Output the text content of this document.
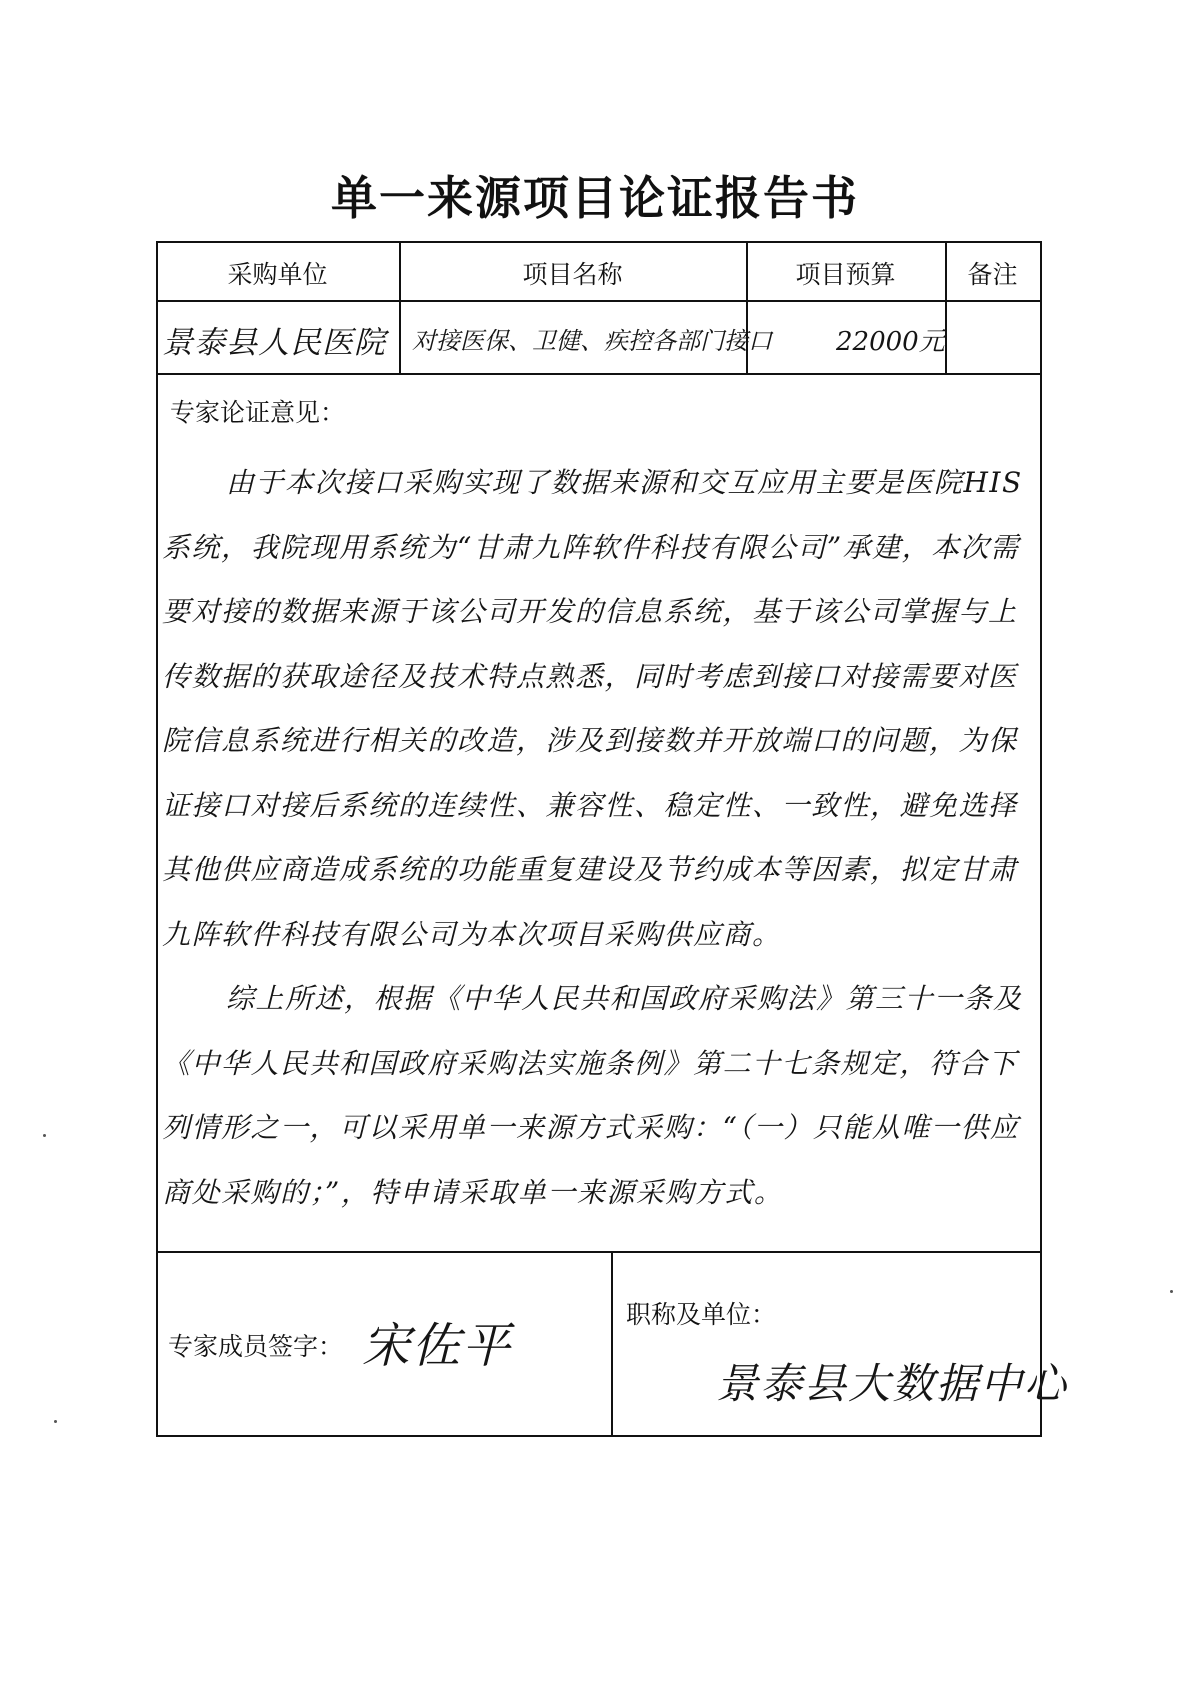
单一来源项目论证报告书
采购单位	项目名称	项目预算	备注
景泰县人民医院 对接医保、卫健、疾控各部门接口 22000元
专家论证意见：

由于本次接口采购实现了数据来源和交互应用主要是医院HIS系统，我院现用系统为“甘肃九阵软件科技有限公司”承建，本次需要对接的数据来源于该公司开发的信息系统，基于该公司掌握与上传数据的获取途径及技术特点熟悉，同时考虑到接口对接需要对医院信息系统进行相关的改造，涉及到接数并开放端口的问题，为保证接口对接后系统的连续性、兼容性、稳定性、一致性，避免选择其他供应商造成系统的功能重复建设及节约成本等因素，拟定甘肃九阵软件科技有限公司为本次项目采购供应商。

综上所述，根据《中华人民共和国政府采购法》第三十一条及《中华人民共和国政府采购法实施条例》第二十七条规定，符合下列情形之一，可以采用单一来源方式采购：“（一）只能从唯一供应商处采购的；”，特申请采取单一来源采购方式。

专家成员签字： 宋佐平
职称及单位：
景泰县大数据中心
